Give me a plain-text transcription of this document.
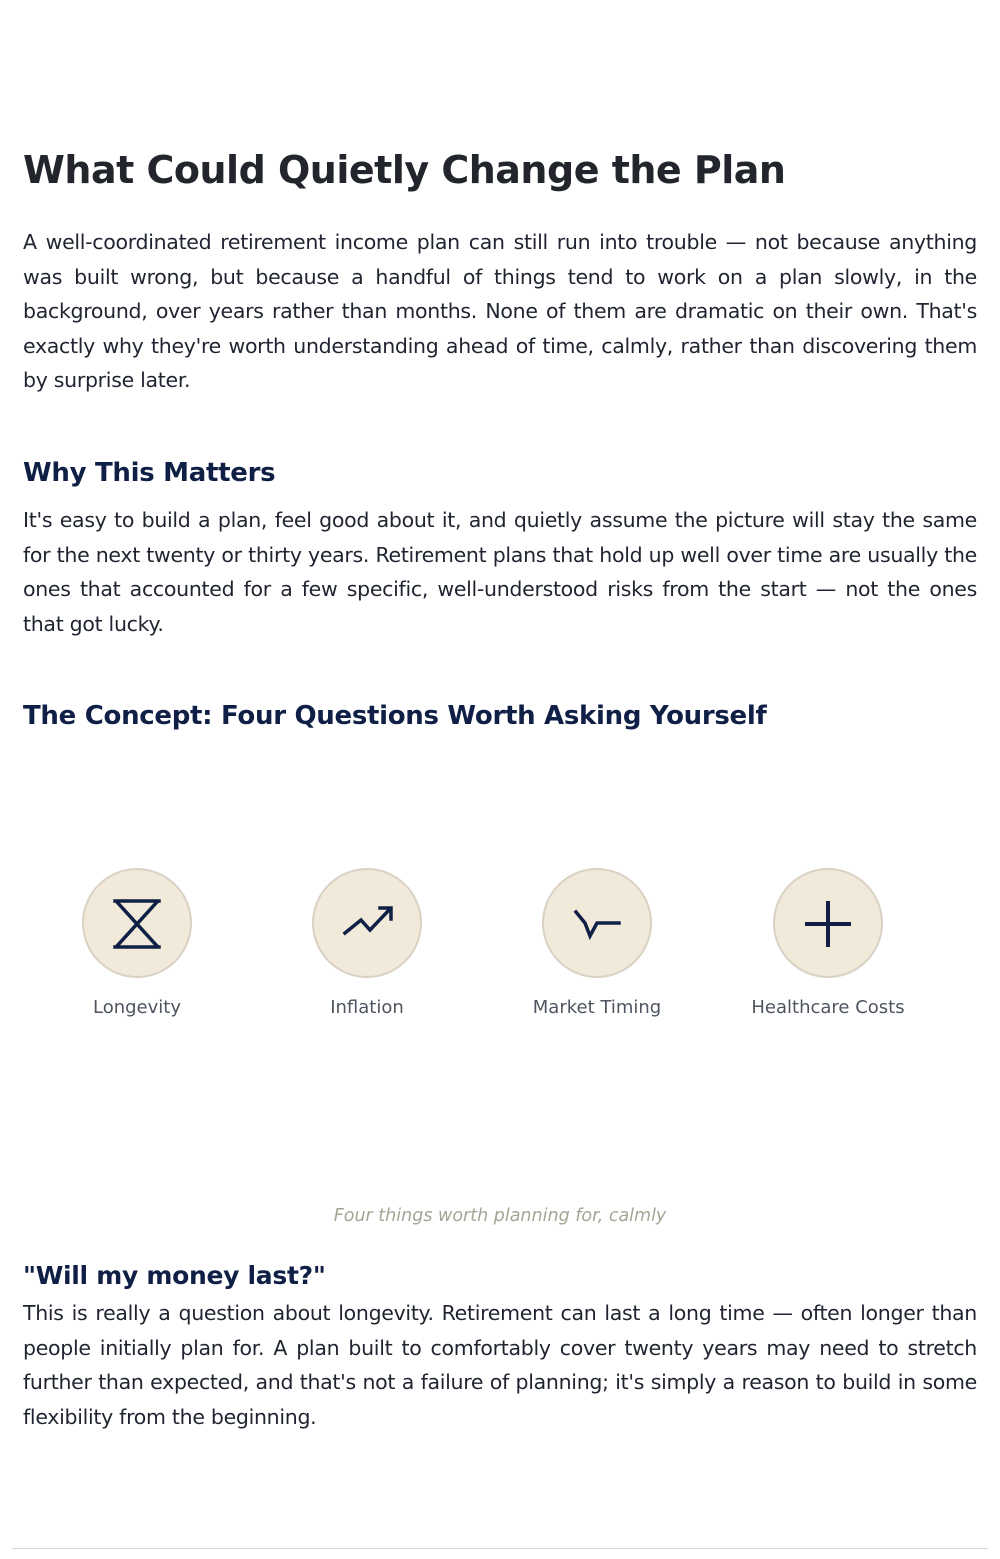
What Could Quietly Change the Plan

A well-coordinated retirement income plan can still run into trouble — not because anything was built wrong, but because a handful of things tend to work on a plan slowly, in the background, over years rather than months. None of them are dramatic on their own. That's exactly why they're worth understanding ahead of time, calmly, rather than discovering them by surprise later.

Why This Matters

It's easy to build a plan, feel good about it, and quietly assume the picture will stay the same for the next twenty or thirty years. Retirement plans that hold up well over time are usually the ones that accounted for a few specific, well-understood risks from the start — not the ones that got lucky.

The Concept: Four Questions Worth Asking Yourself
"Will my money last?"

This is really a question about longevity. Retirement can last a long time — often longer than people initially plan for. A plan built to comfortably cover twenty years may need to stretch further than expected, and that's not a failure of planning; it's simply a reason to build in some flexibility from the beginning.

Longevity	Inflation	Market Timing	Healthcare Costs
Four things worth planning for, calmly
